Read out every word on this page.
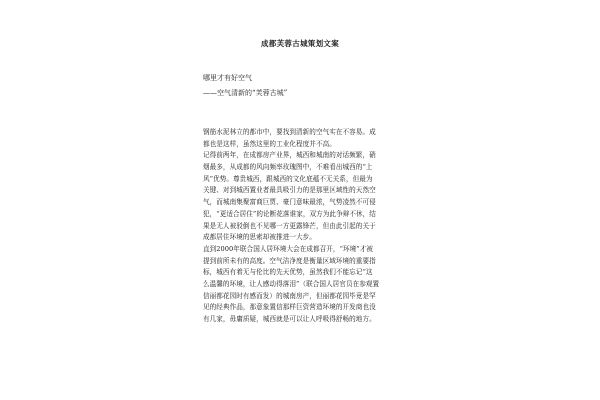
成都芙蓉古城策划文案
哪里才有好空气
——空气清新的“芙蓉古城”
钢筋水泥林立的都市中，要找到清新的空气实在不容易。成
都也是这样，虽然这里的工业化程度并不高。
记得前两年，在成都房产业界，城西和城南的对话频繁，硝
烟最多，从成都的风向频率玫瑰图中，不难看出城西的“上
风”优势。尊贵城西，跟城西的文化底蕴不无关系，但最为
关键、对到城西置业者最具吸引力的是那里区域性的天然空
气，而城南集聚富商巨贾、豪门意味最浓，气势凌然不可侵
犯，“更适合居住”的论断花落谁家，双方为此争辩不休，结
果是无人被驳倒也不见哪一方更露锋芒，但由此引起的关于
成都居住环境的思索却被推进一大步。
直到2000年联合国人居环境大会在成都召开，“环境”才被
提到前所未有的高度。空气洁净度是衡量区域环境的重要指
标，城西有着无与伦比的先天优势，虽然我们不能忘记“这
么温馨的环境，让人感动得落泪”（联合国人居官员在参观置
信丽都花园时有感而发）的城南房产，但丽都花园毕竟是罕
见的经典作品，那意象置信那样巨资营造环境的开发商也没
有几家，毋庸质疑，城西就是可以让人呼吸得舒畅的地方。
